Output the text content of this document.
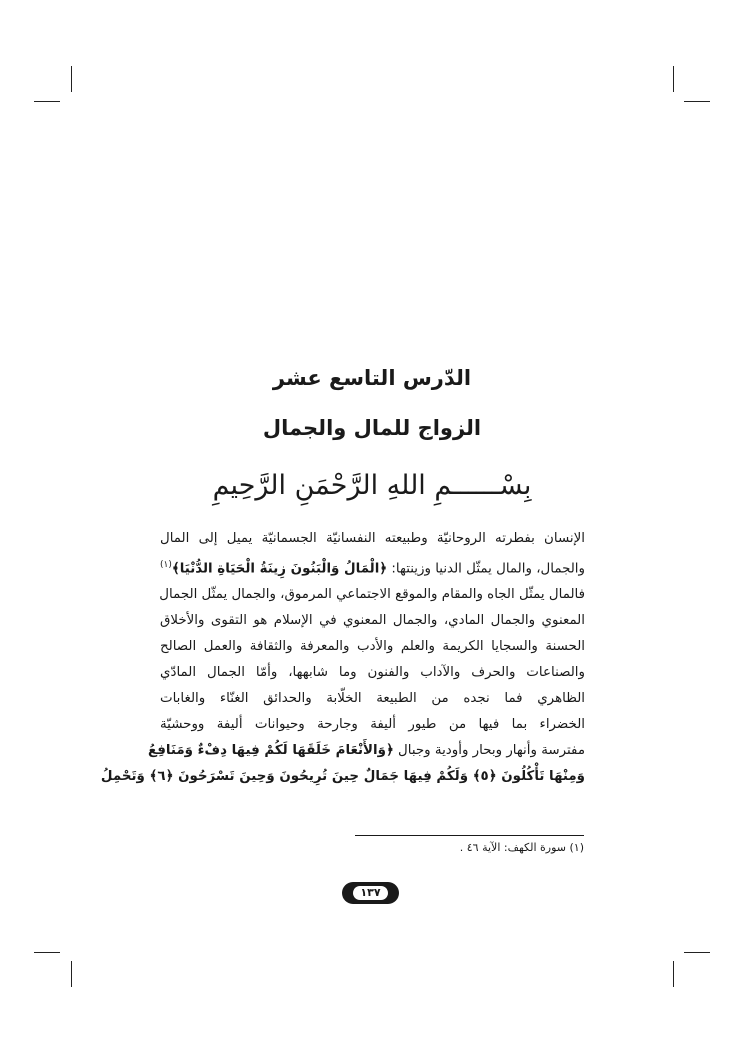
الدّرس التاسع عشر
الزواج للمال والجمال
بِسْــــــمِ اللهِ الرَّحْمَنِ الرَّحِيمِ
الإنسان بفطرته الروحانيّة وطبيعته النفسانيّة الجسمانيّة يميل إلى المال
والجمال، والمال يمثّل الدنيا وزينتها: ﴿الْمَالُ وَالْبَنُونَ زِينَةُ الْحَيَاةِ الدُّنْيَا﴾$^{(١)}$
فالمال يمثّل الجاه والمقام والموقع الاجتماعي المرموق، والجمال يمثّل الجمال
المعنوي والجمال المادي، والجمال المعنوي في الإسلام هو التقوى والأخلاق
الحسنة والسجايا الكريمة والعلم والأدب والمعرفة والثقافة والعمل الصالح
والصناعات والحرف والآداب والفنون وما شابهها، وأمّا الجمال المادّي
الظاهري فما نجده من الطبيعة الخلّابة والحدائق الغنّاء والغابات
الخضراء بما فيها من طيور أليفة وجارحة وحيوانات أليفة ووحشيّة
مفترسة وأنهار وبحار وأودية وجبال ﴿وَالأَنْعَامَ خَلَقَهَا لَكُمْ فِيهَا دِفْءٌ وَمَنَافِعُ
وَمِنْهَا تَأْكُلُونَ ﴿٥﴾ وَلَكُمْ فِيهَا جَمَالٌ حِينَ تُرِيحُونَ وَحِينَ تَسْرَحُونَ ﴿٦﴾ وَتَحْمِلُ
(١) سورة الكهف: الآية ٤٦ .
١٣٧
